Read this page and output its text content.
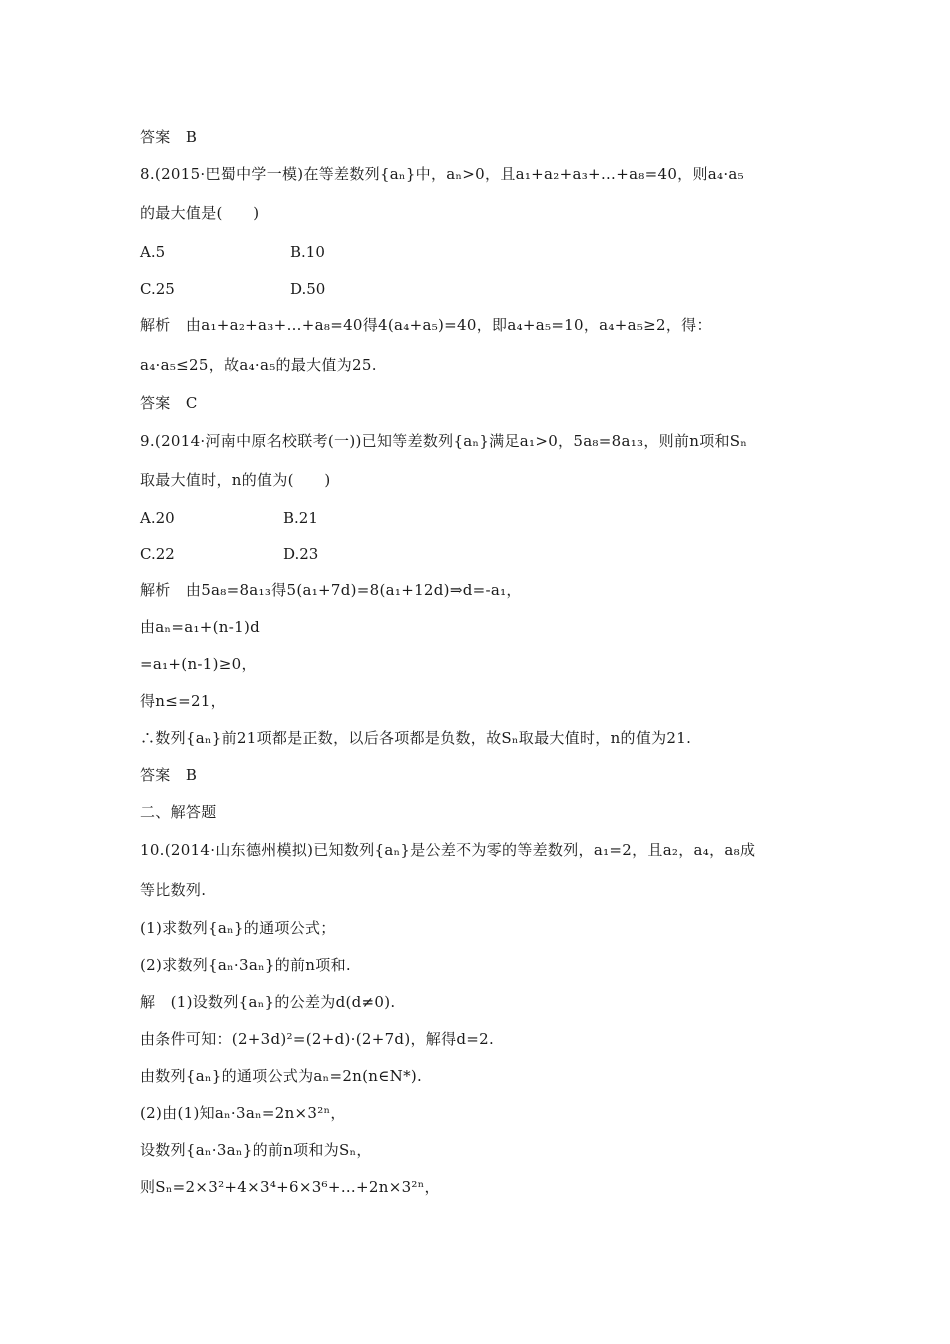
答案　B
8.(2015·巴蜀中学一模)在等差数列{aₙ}中，aₙ>0，且a₁+a₂+a₃+…+a₈=40，则a₄·a₅
的最大值是(　　)
A.5	B.10
C.25	D.50
解析　由a₁+a₂+a₃+…+a₈=40得4(a₄+a₅)=40，即a₄+a₅=10，a₄+a₅≥2，得：
a₄·a₅≤25，故a₄·a₅的最大值为25.
答案　C
9.(2014·河南中原名校联考(一))已知等差数列{aₙ}满足a₁>0，5a₈=8a₁₃，则前n项和Sₙ
取最大值时，n的值为(　　)
A.20	B.21
C.22	D.23
解析　由5a₈=8a₁₃得5(a₁+7d)=8(a₁+12d)⇒d=-a₁，
由aₙ=a₁+(n-1)d
=a₁+(n-1)≥0，
得n≤=21，
∴数列{aₙ}前21项都是正数，以后各项都是负数，故Sₙ取最大值时，n的值为21.
答案　B
二、解答题
10.(2014·山东德州模拟)已知数列{aₙ}是公差不为零的等差数列，a₁=2，且a₂，a₄，a₈成
等比数列.
(1)求数列{aₙ}的通项公式；
(2)求数列{aₙ·3aₙ}的前n项和.
解　(1)设数列{aₙ}的公差为d(d≠0).
由条件可知：(2+3d)²=(2+d)·(2+7d)，解得d=2.
由数列{aₙ}的通项公式为aₙ=2n(n∈N*).
(2)由(1)知aₙ·3aₙ=2n×3²ⁿ，
设数列{aₙ·3aₙ}的前n项和为Sₙ，
则Sₙ=2×3²+4×3⁴+6×3⁶+…+2n×3²ⁿ，
